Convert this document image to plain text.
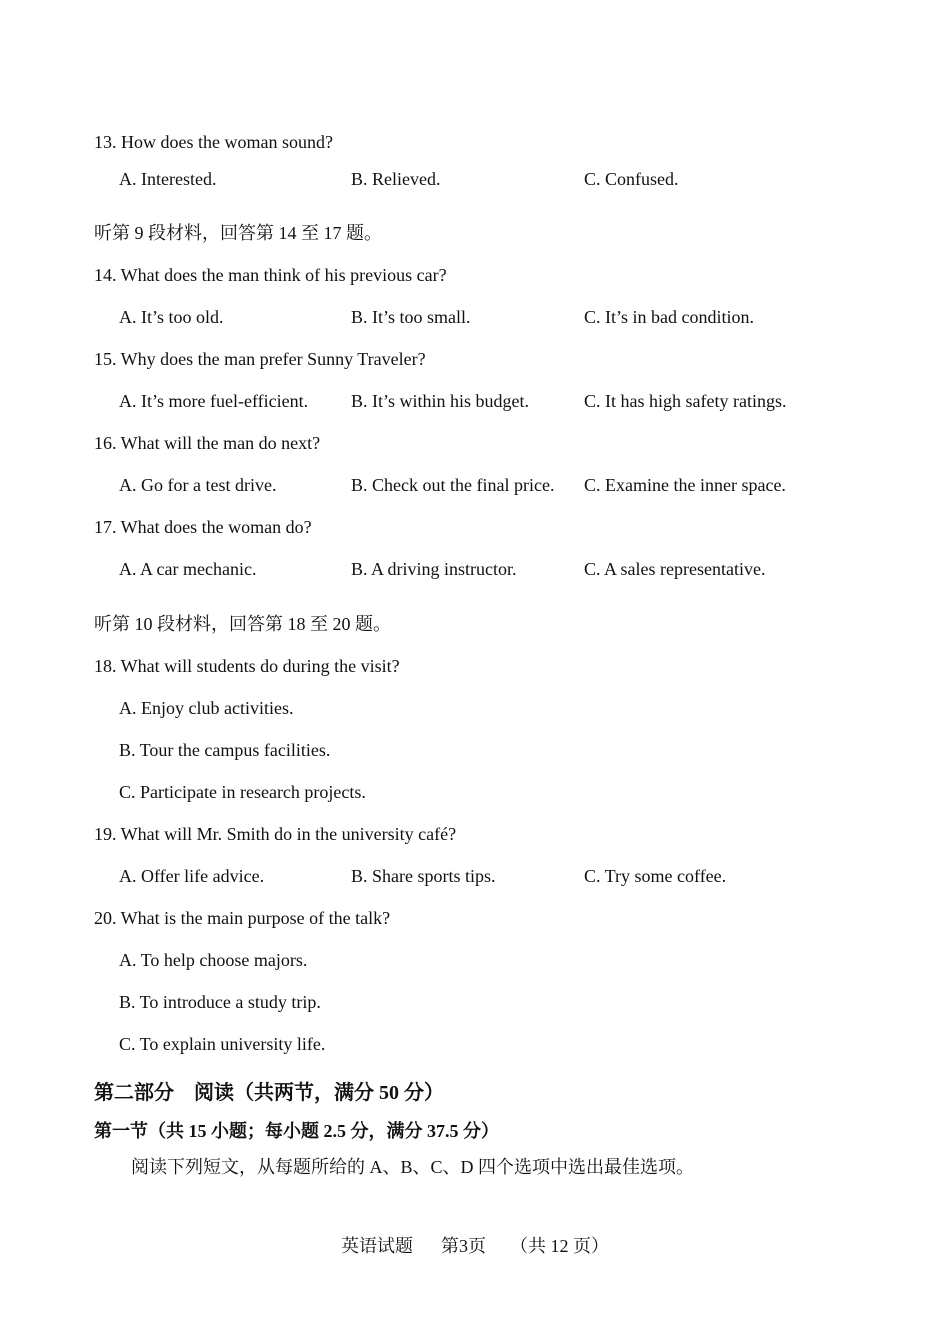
13. How does the woman sound?
A. Interested.	B. Relieved.	C. Confused.
听第 9 段材料，回答第 14 至 17 题。
14. What does the man think of his previous car?
A. It’s too old.	B. It’s too small.	C. It’s in bad condition.
15. Why does the man prefer Sunny Traveler?
A. It’s more fuel-efficient. B. It’s within his budget.	C. It has high safety ratings.
16. What will the man do next?
A. Go for a test drive.	B. Check out the final price. C. Examine the inner space.
17. What does the woman do?
A. A car mechanic.	B. A driving instructor.	C. A sales representative.
听第 10 段材料，回答第 18 至 20 题。
18. What will students do during the visit?
A. Enjoy club activities.
B. Tour the campus facilities.
C. Participate in research projects.
19. What will Mr. Smith do in the university café?
A. Offer life advice.	B. Share sports tips.	C. Try some coffee.
20. What is the main purpose of the talk?
A. To help choose majors.
B. To introduce a study trip.
C. To explain university life.
第二部分　阅读（共两节，满分 50 分）
第一节（共 15 小题；每小题 2.5 分，满分 37.5 分）
阅读下列短文，从每题所给的 A、B、C、D 四个选项中选出最佳选项。
英语试题 第3页 （共 12 页）
